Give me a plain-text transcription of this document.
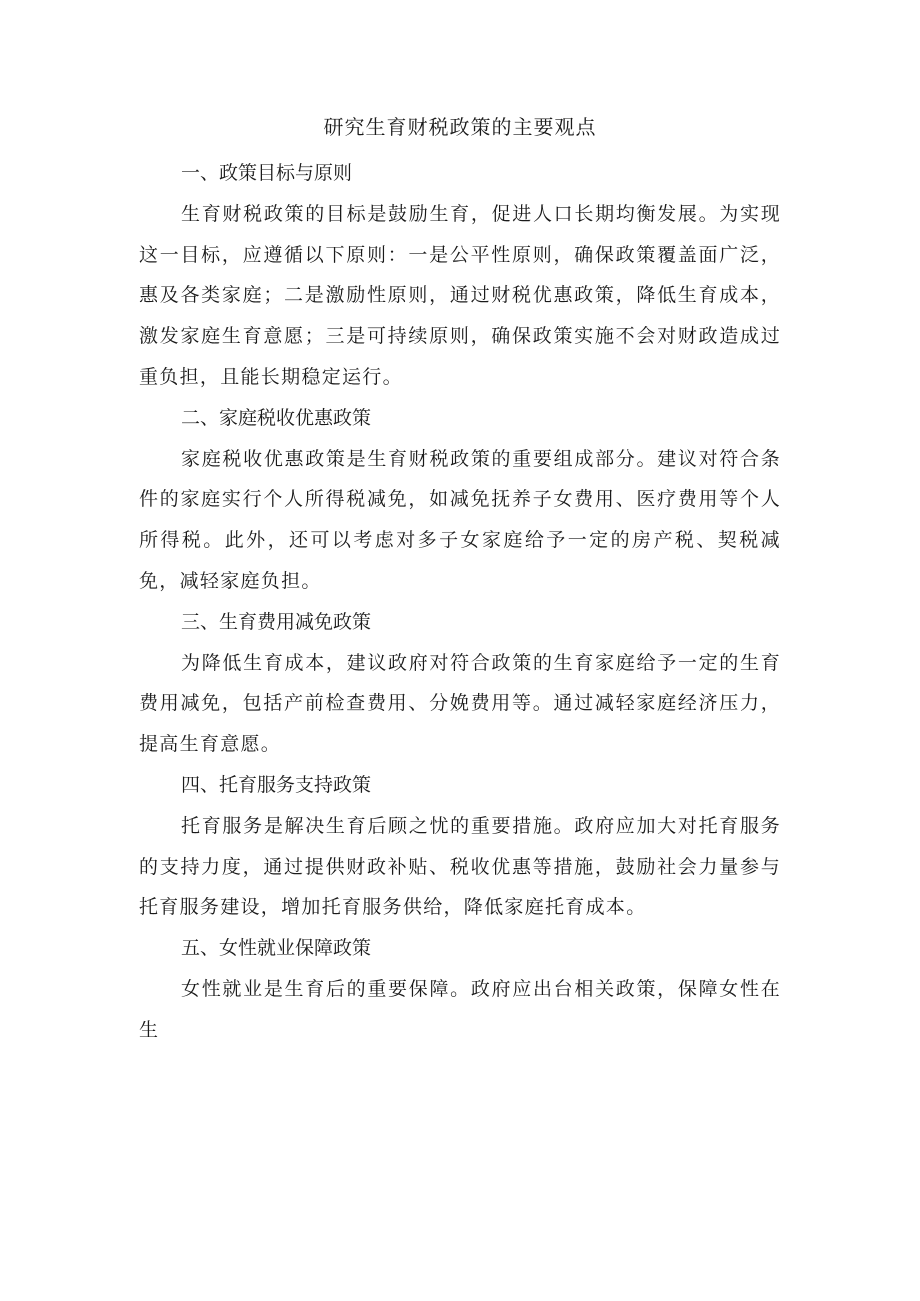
研究生育财税政策的主要观点

一、政策目标与原则

生育财税政策的目标是鼓励生育，促进人口长期均衡发展。为实现这一目标，应遵循以下原则：一是公平性原则，确保政策覆盖面广泛，惠及各类家庭；二是激励性原则，通过财税优惠政策，降低生育成本，激发家庭生育意愿；三是可持续原则，确保政策实施不会对财政造成过重负担，且能长期稳定运行。

二、家庭税收优惠政策

家庭税收优惠政策是生育财税政策的重要组成部分。建议对符合条件的家庭实行个人所得税减免，如减免抚养子女费用、医疗费用等个人所得税。此外，还可以考虑对多子女家庭给予一定的房产税、契税减免，减轻家庭负担。

三、生育费用减免政策

为降低生育成本，建议政府对符合政策的生育家庭给予一定的生育费用减免，包括产前检查费用、分娩费用等。通过减轻家庭经济压力，提高生育意愿。

四、托育服务支持政策

托育服务是解决生育后顾之忧的重要措施。政府应加大对托育服务的支持力度，通过提供财政补贴、税收优惠等措施，鼓励社会力量参与托育服务建设，增加托育服务供给，降低家庭托育成本。

五、女性就业保障政策

女性就业是生育后的重要保障。政府应出台相关政策，保障女性在生
